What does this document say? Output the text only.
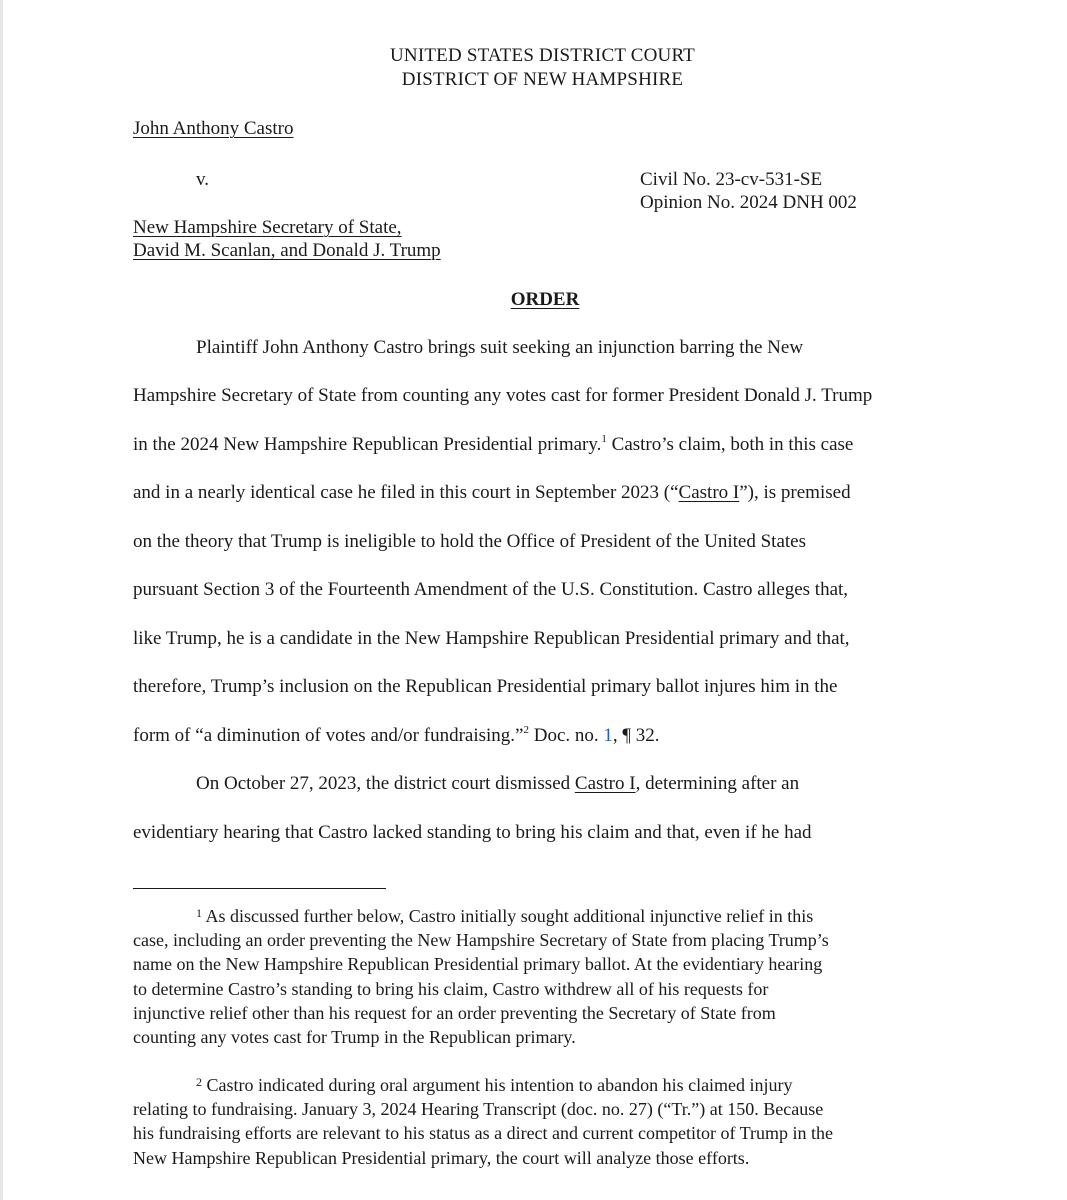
UNITED STATES DISTRICT COURT
DISTRICT OF NEW HAMPSHIRE
John Anthony Castro
v.	Civil No. 23-cv-531-SE
Opinion No. 2024 DNH 002
New Hampshire Secretary of State,
David M. Scanlan, and Donald J. Trump
ORDER
Plaintiff John Anthony Castro brings suit seeking an injunction barring the New
Hampshire Secretary of State from counting any votes cast for former President Donald J. Trump
in the 2024 New Hampshire Republican Presidential primary.$^1$ Castro’s claim, both in this case
and in a nearly identical case he filed in this court in September 2023 (“Castro I”), is premised
on the theory that Trump is ineligible to hold the Office of President of the United States
pursuant Section 3 of the Fourteenth Amendment of the U.S. Constitution. Castro alleges that,
like Trump, he is a candidate in the New Hampshire Republican Presidential primary and that,
therefore, Trump’s inclusion on the Republican Presidential primary ballot injures him in the
form of “a diminution of votes and/or fundraising.”$^2$ Doc. no. 1, ¶ 32.
On October 27, 2023, the district court dismissed Castro I, determining after an
evidentiary hearing that Castro lacked standing to bring his claim and that, even if he had
$^1$ As discussed further below, Castro initially sought additional injunctive relief in this
case, including an order preventing the New Hampshire Secretary of State from placing Trump’s
name on the New Hampshire Republican Presidential primary ballot. At the evidentiary hearing
to determine Castro’s standing to bring his claim, Castro withdrew all of his requests for
injunctive relief other than his request for an order preventing the Secretary of State from
counting any votes cast for Trump in the Republican primary.
$^2$ Castro indicated during oral argument his intention to abandon his claimed injury
relating to fundraising. January 3, 2024 Hearing Transcript (doc. no. 27) (“Tr.”) at 150. Because
his fundraising efforts are relevant to his status as a direct and current competitor of Trump in the
New Hampshire Republican Presidential primary, the court will analyze those efforts.
